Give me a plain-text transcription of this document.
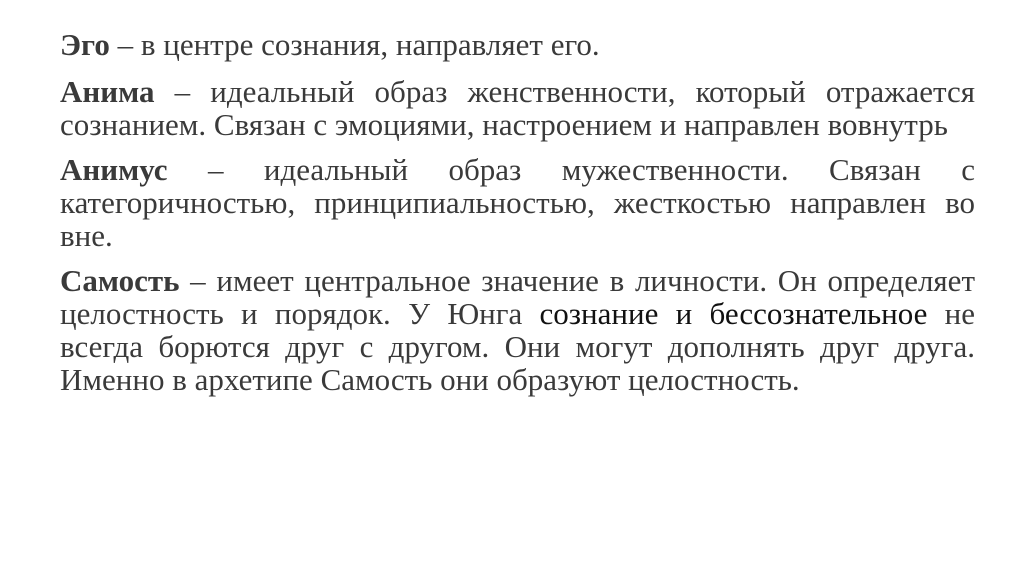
Эго – в центре сознания, направляет его.

Анима – идеальный образ женственности, который отражается сознанием. Связан с эмоциями, настроением и направлен вовнутрь

Анимус – идеальный образ мужественности. Связан с категоричностью, принципиальностью, жесткостью направлен во вне.

Самость – имеет центральное значение в личности. Он определяет целостность и порядок. У Юнга сознание и бессознательное не всегда борются друг с другом. Они могут дополнять друг друга. Именно в архетипе Самость они образуют целостность.
